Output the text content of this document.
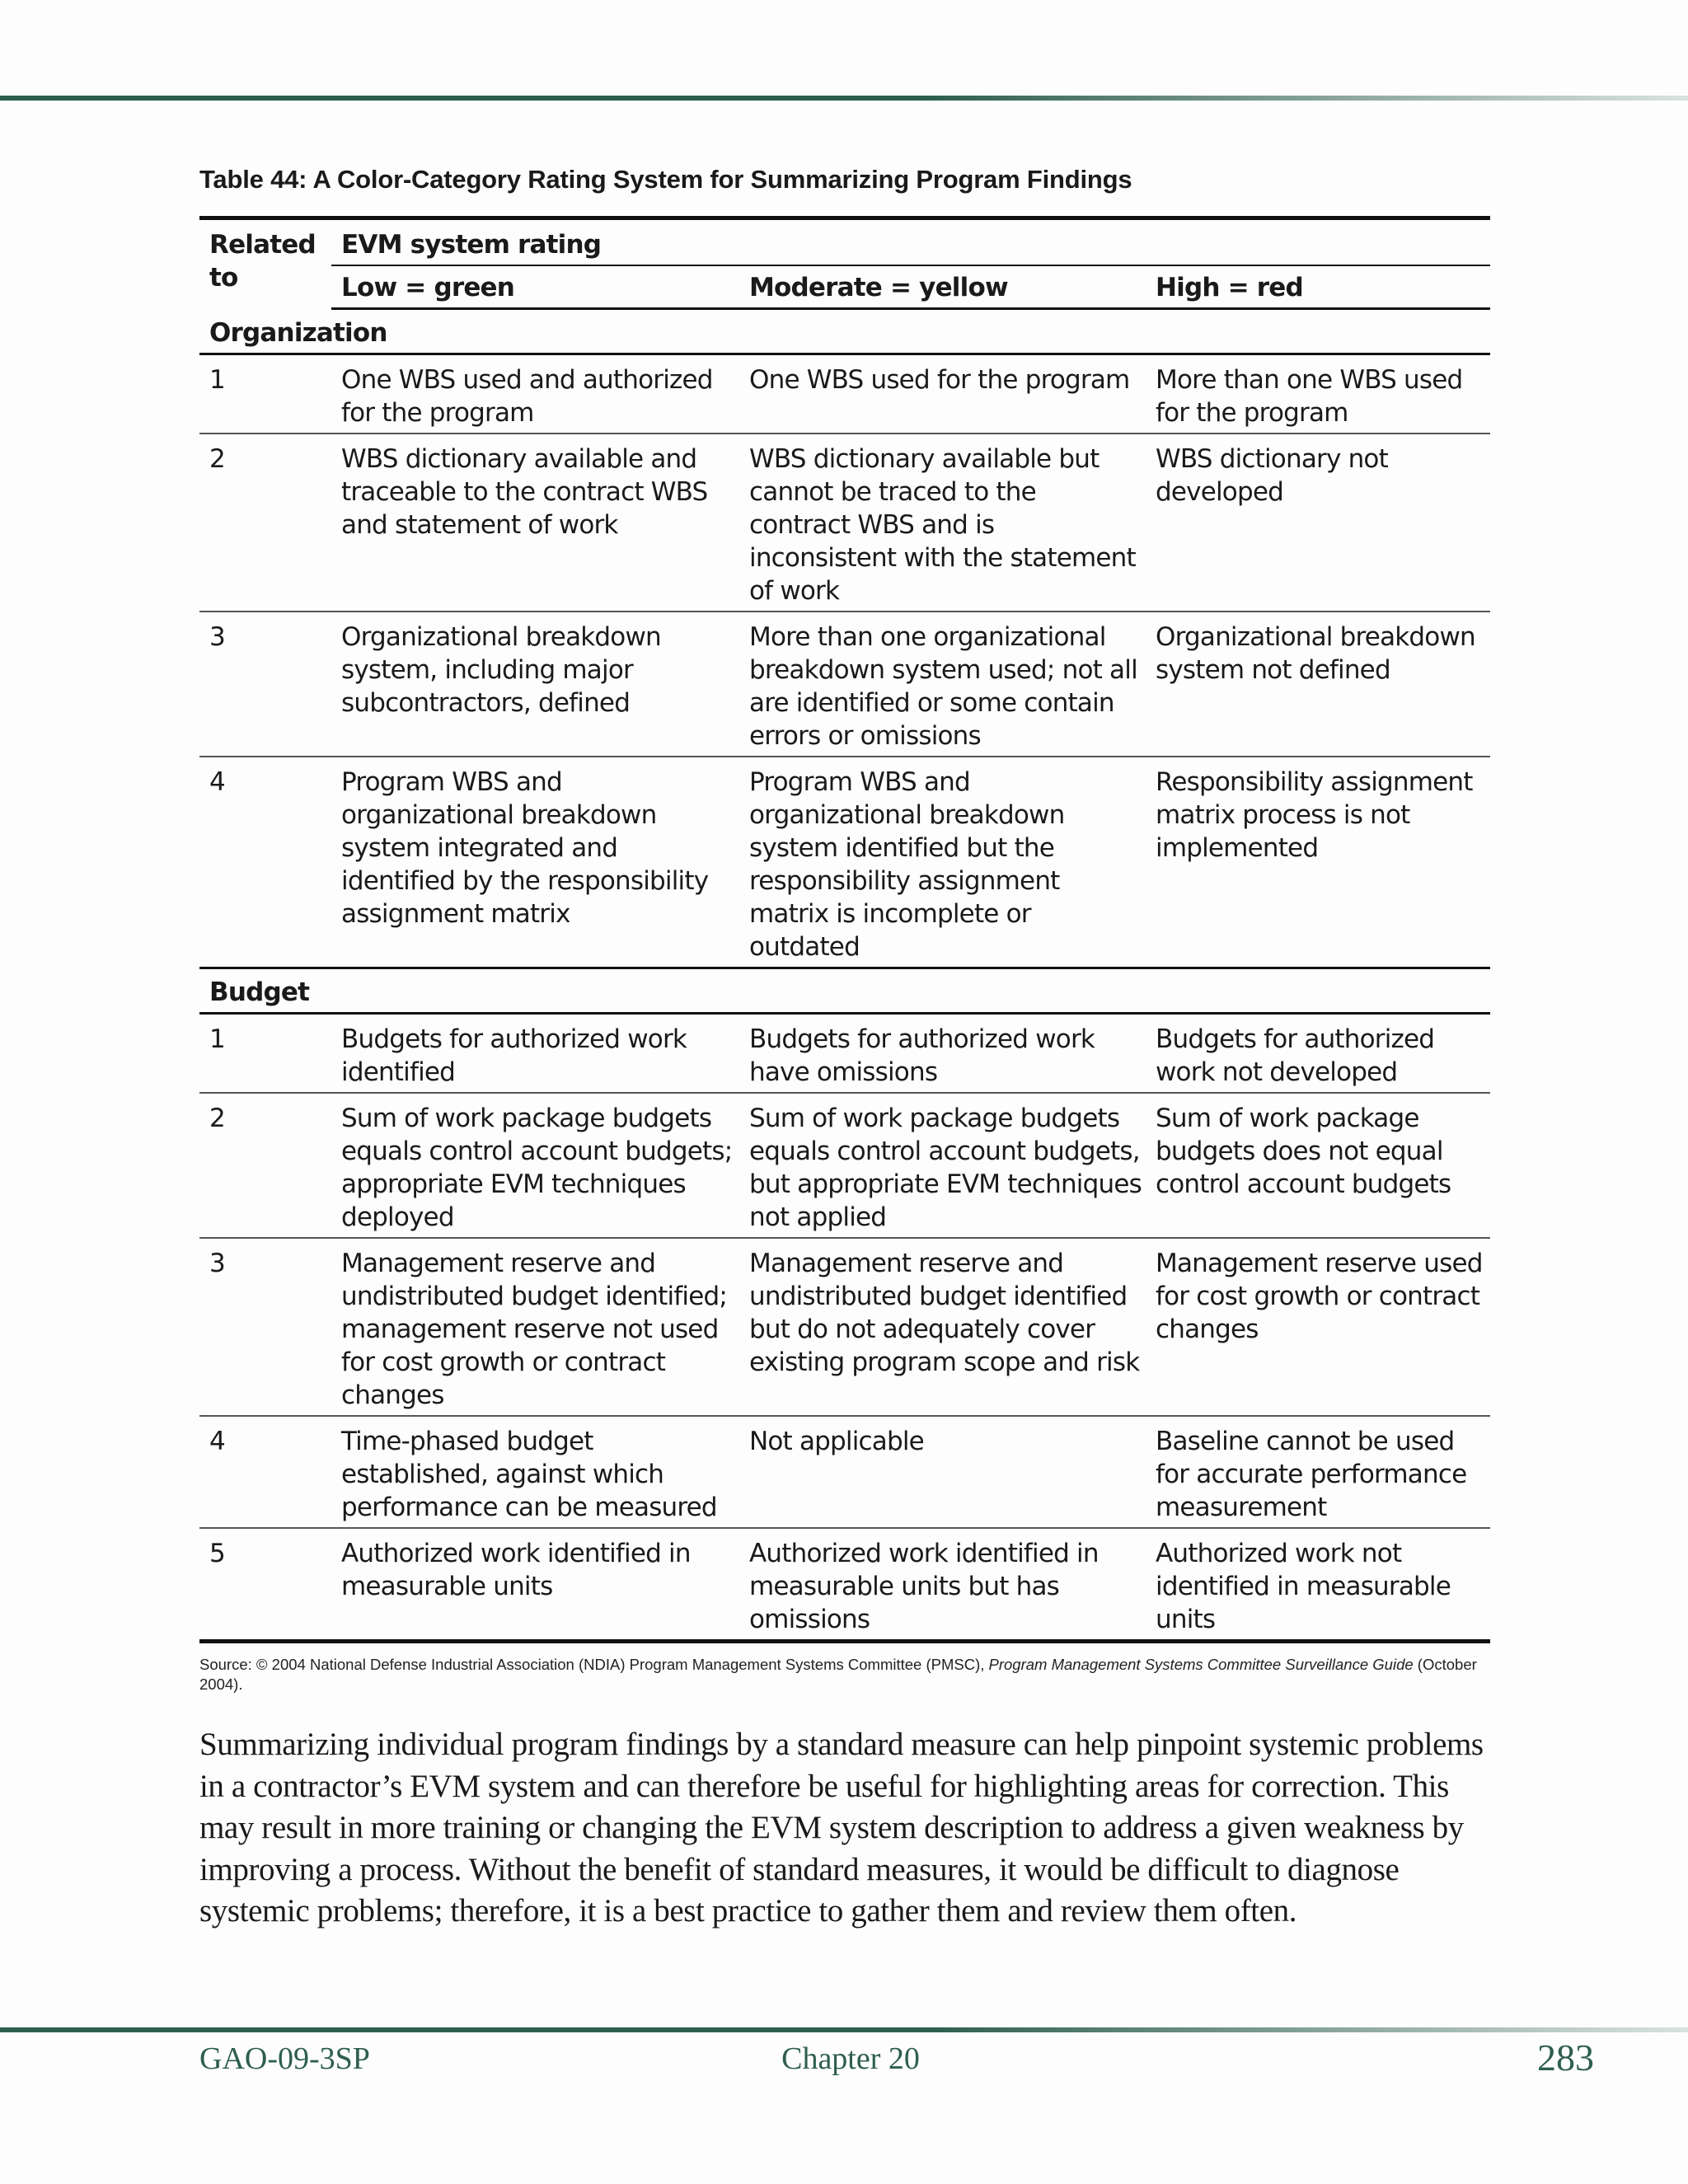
Table 44: A Color-Category Rating System for Summarizing Program Findings
Related to	EVM system rating		
	Low = green	Moderate = yellow	High = red
Organization			
1	One WBS used and authorized for the program	One WBS used for the program	More than one WBS used for the program
2	WBS dictionary available and traceable to the contract WBS and statement of work	WBS dictionary available but cannot be traced to the contract WBS and is inconsistent with the statement of work	WBS dictionary not developed
3	Organizational breakdown system, including major subcontractors, defined	More than one organizational breakdown system used; not all are identified or some contain errors or omissions	Organizational breakdown system not defined
4	Program WBS and organizational breakdown system integrated and identified by the responsibility assignment matrix	Program WBS and organizational breakdown system identified but the responsibility assignment matrix is incomplete or outdated	Responsibility assignment matrix process is not implemented
Budget			
1	Budgets for authorized work identified	Budgets for authorized work have omissions	Budgets for authorized work not developed
2	Sum of work package budgets equals control account budgets; appropriate EVM techniques deployed	Sum of work package budgets equals control account budgets, but appropriate EVM techniques not applied	Sum of work package budgets does not equal control account budgets
3	Management reserve and undistributed budget identified; management reserve not used for cost growth or contract changes	Management reserve and undistributed budget identified but do not adequately cover existing program scope and risk	Management reserve used for cost growth or contract changes
4	Time-phased budget established, against which performance can be measured	Not applicable	Baseline cannot be used for accurate performance measurement
5	Authorized work identified in measurable units	Authorized work identified in measurable units but has omissions	Authorized work not identified in measurable units
Source: © 2004 National Defense Industrial Association (NDIA) Program Management Systems Committee (PMSC), Program Management Systems Committee Surveillance Guide (October 2004).
Summarizing individual program findings by a standard measure can help pinpoint systemic problems in a contractor’s EVM system and can therefore be useful for highlighting areas for correction. This may result in more training or changing the EVM system description to address a given weakness by improving a process. Without the benefit of standard measures, it would be difficult to diagnose systemic problems; therefore, it is a best practice to gather them and review them often.
GAO-09-3SP	Chapter 20	283
